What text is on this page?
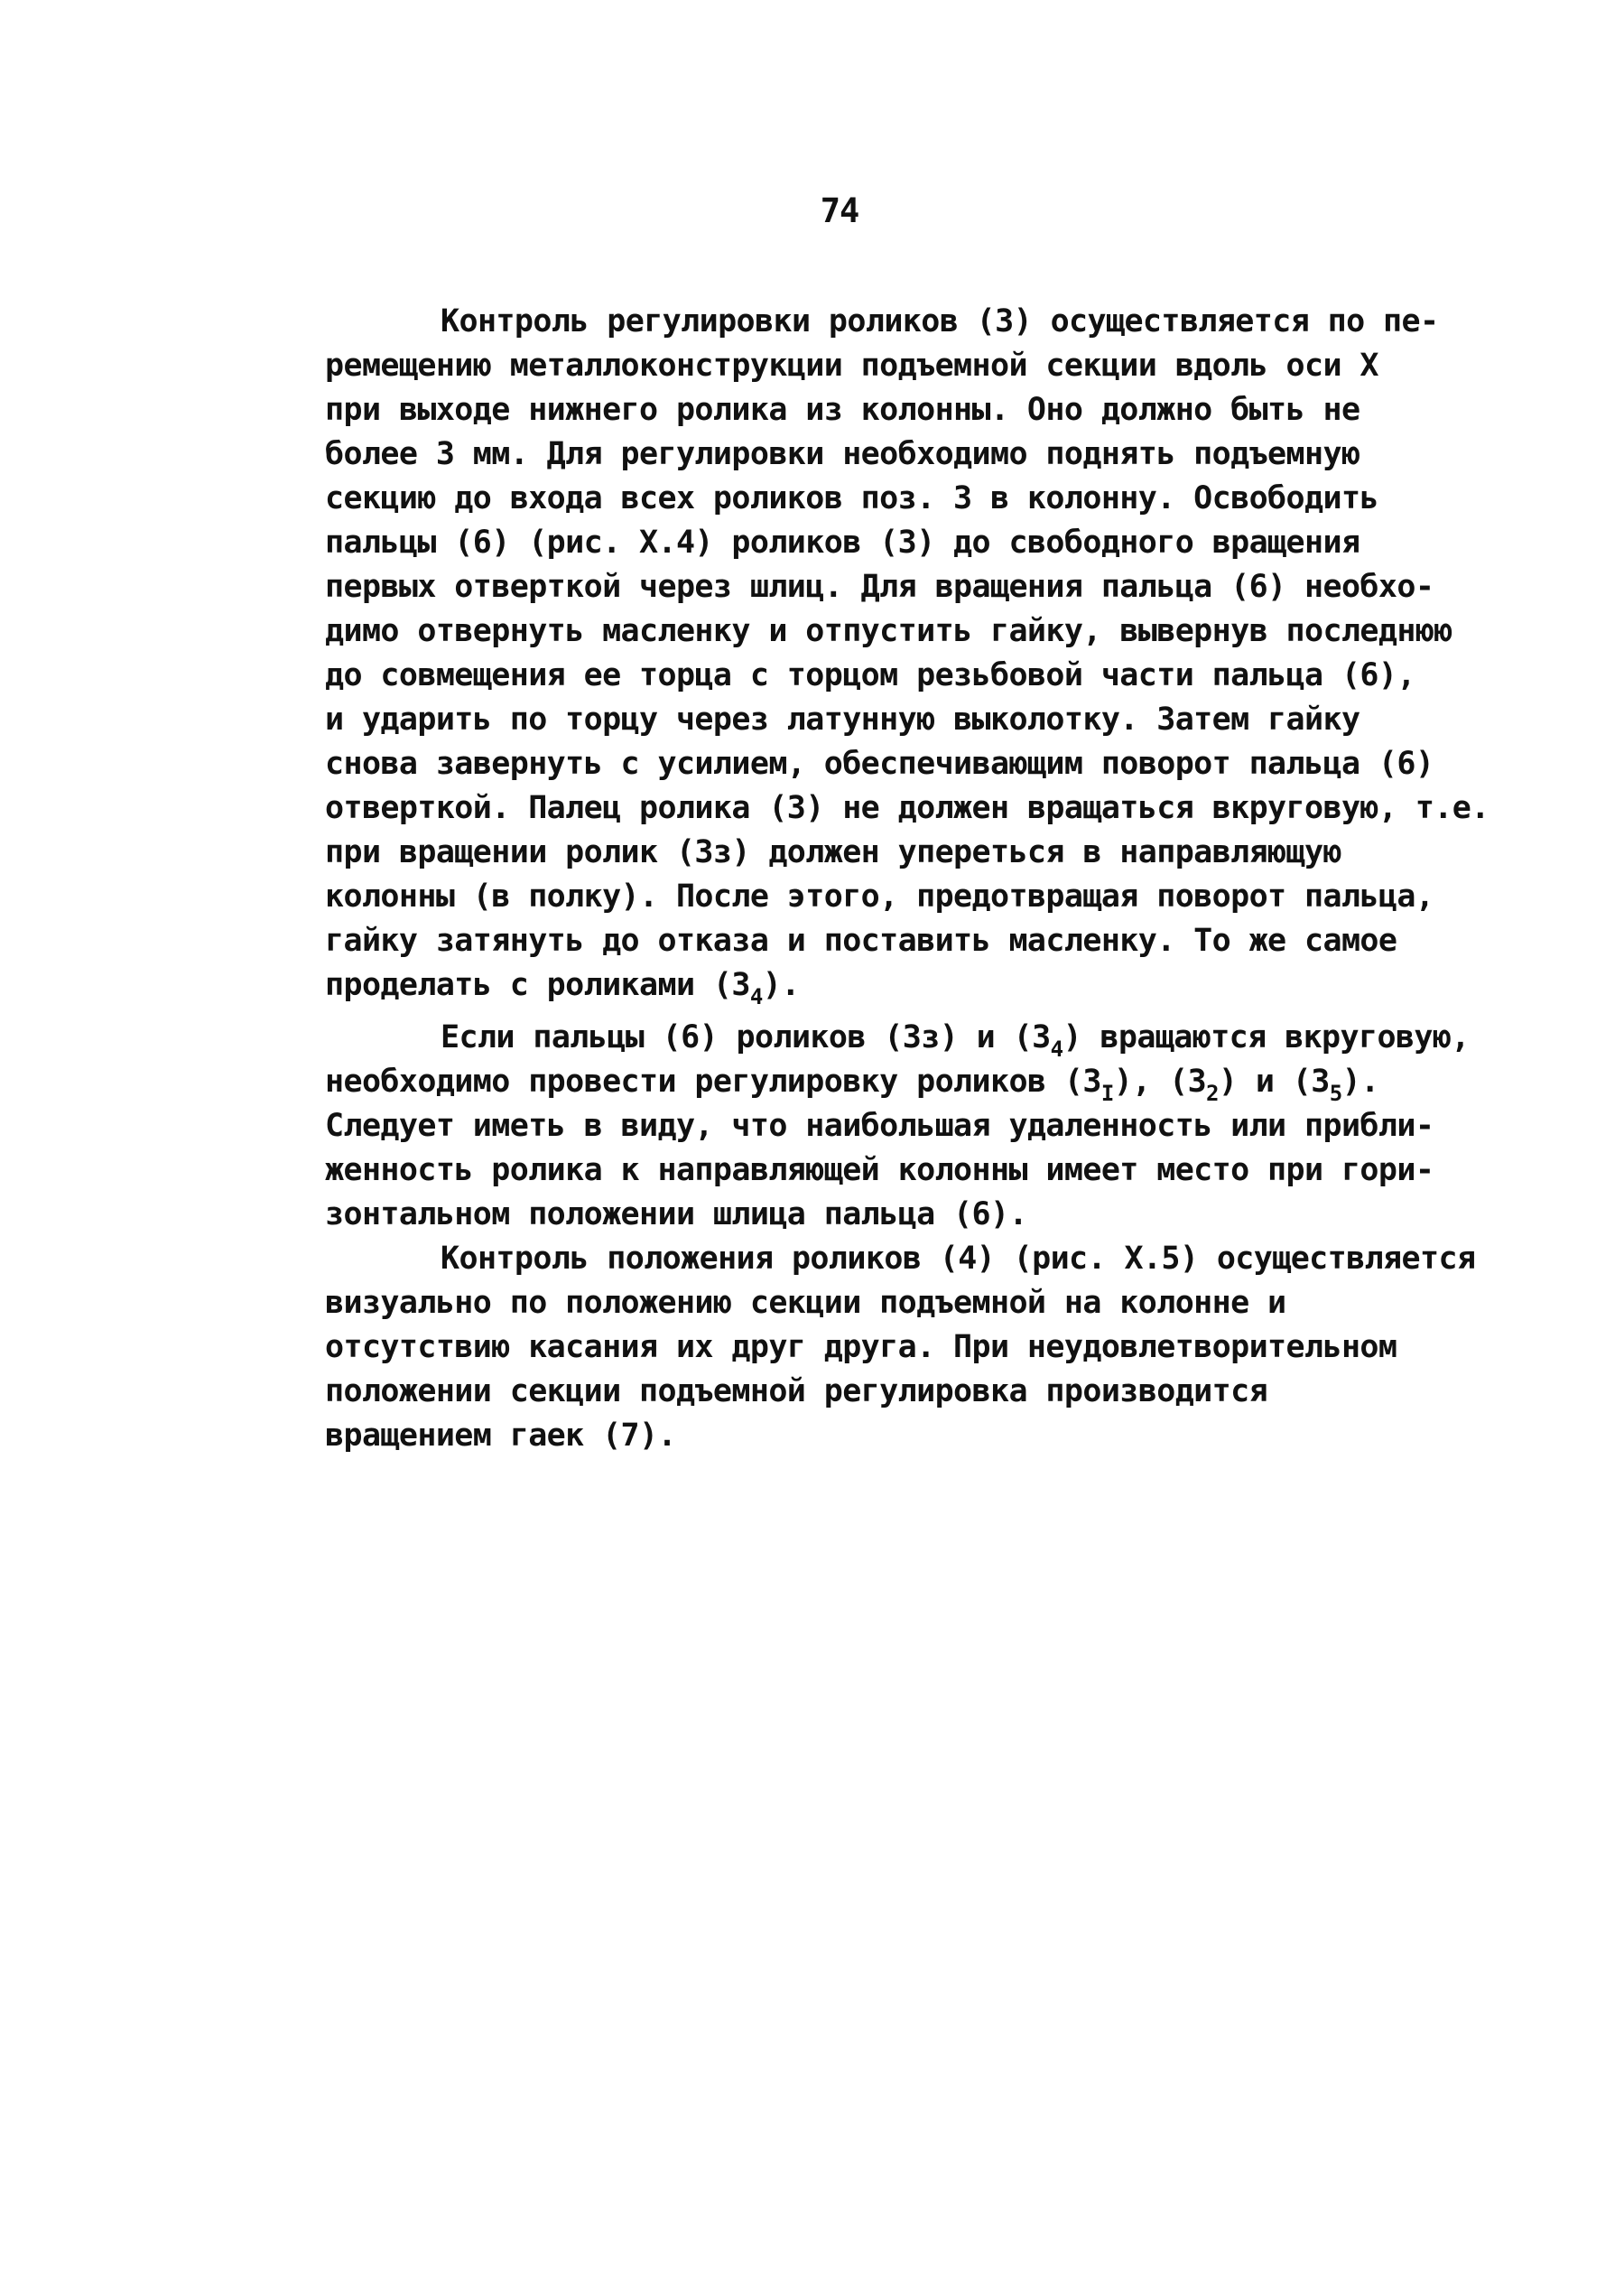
74
Контроль регулировки роликов (3) осуществляется по пе-
ремещению металлоконструкции подъемной секции вдоль оси Х
при выходе нижнего ролика из колонны. Оно должно быть не
более 3 мм. Для регулировки необходимо поднять подъемную
секцию до входа всех роликов поз. 3 в колонну. Освободить
пальцы (6) (рис. Х.4) роликов (3) до свободного вращения
первых отверткой через шлиц. Для вращения пальца (6) необхо-
димо отвернуть масленку и отпустить гайку, вывернув последнюю
до совмещения ее торца с торцом резьбовой части пальца (6),
и ударить по торцу через латунную выколотку. Затем гайку
снова завернуть с усилием, обеспечивающим поворот пальца (6)
отверткой. Палец ролика (3) не должен вращаться вкруговую, т.е.
при вращении ролик (3з) должен упереться в направляющую
колонны (в полку). После этого, предотвращая поворот пальца,
гайку затянуть до отказа и поставить масленку. То же самое
проделать с роликами $(3_4)$.
Если пальцы (6) роликов (3з) и $(3_4)$ вращаются вкруговую,
необходимо провести регулировку роликов $(3_I)$, $(3_2)$ и $(3_5)$.
Следует иметь в виду, что наибольшая удаленность или прибли-
женность ролика к направляющей колонны имеет место при гори-
зонтальном положении шлица пальца (6).
Контроль положения роликов (4) (рис. Х.5) осуществляется
визуально по положению секции подъемной на колонне и
отсутствию касания их друг друга. При неудовлетворительном
положении секции подъемной регулировка производится
вращением гаек (7).
